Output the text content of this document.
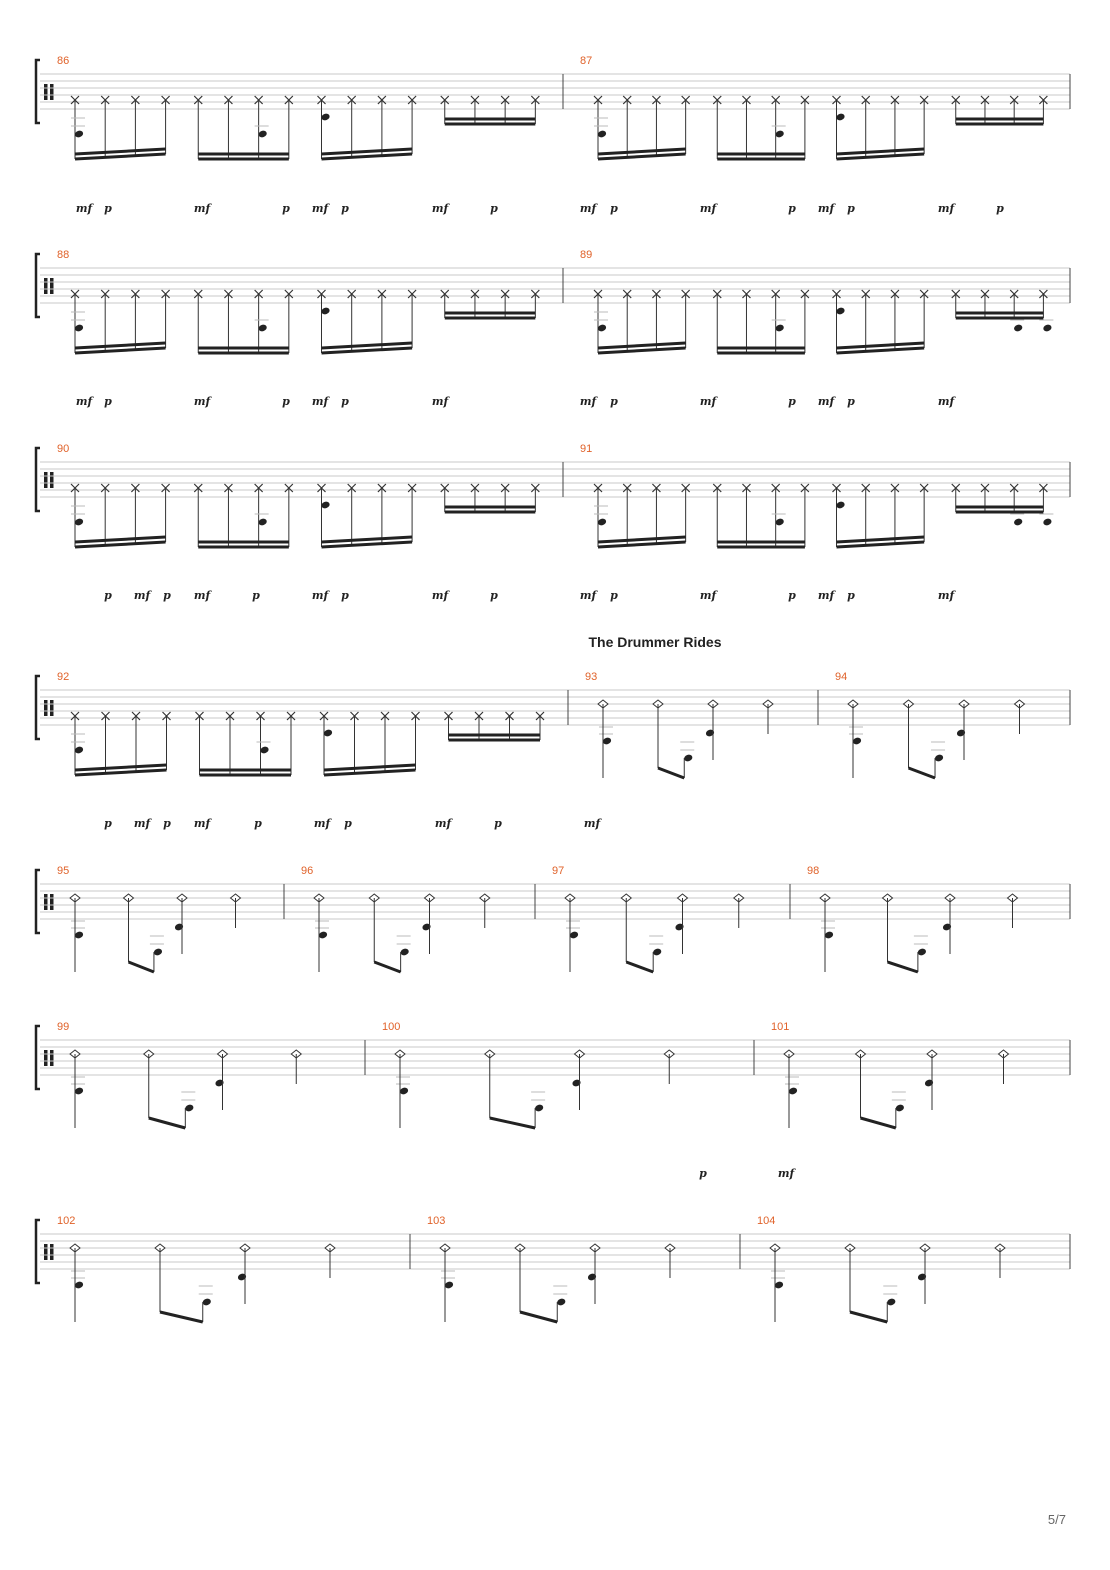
The Drummer Rides
86	87
mf p	mf	p mf p	mf	p	mf p	mf	p mf p	mf	p
88	89
mf p	mf	p mf p	mf	mf p	mf	p mf p	mf
90	91
p mf p mf	p	mf p	mf	p	mf p	mf	p mf p	mf
92	93	94
p mf p mf	p	mf p	mf	p	mf
95	96	97	98
99	100	101
p	mf
102	103	104
5/7
